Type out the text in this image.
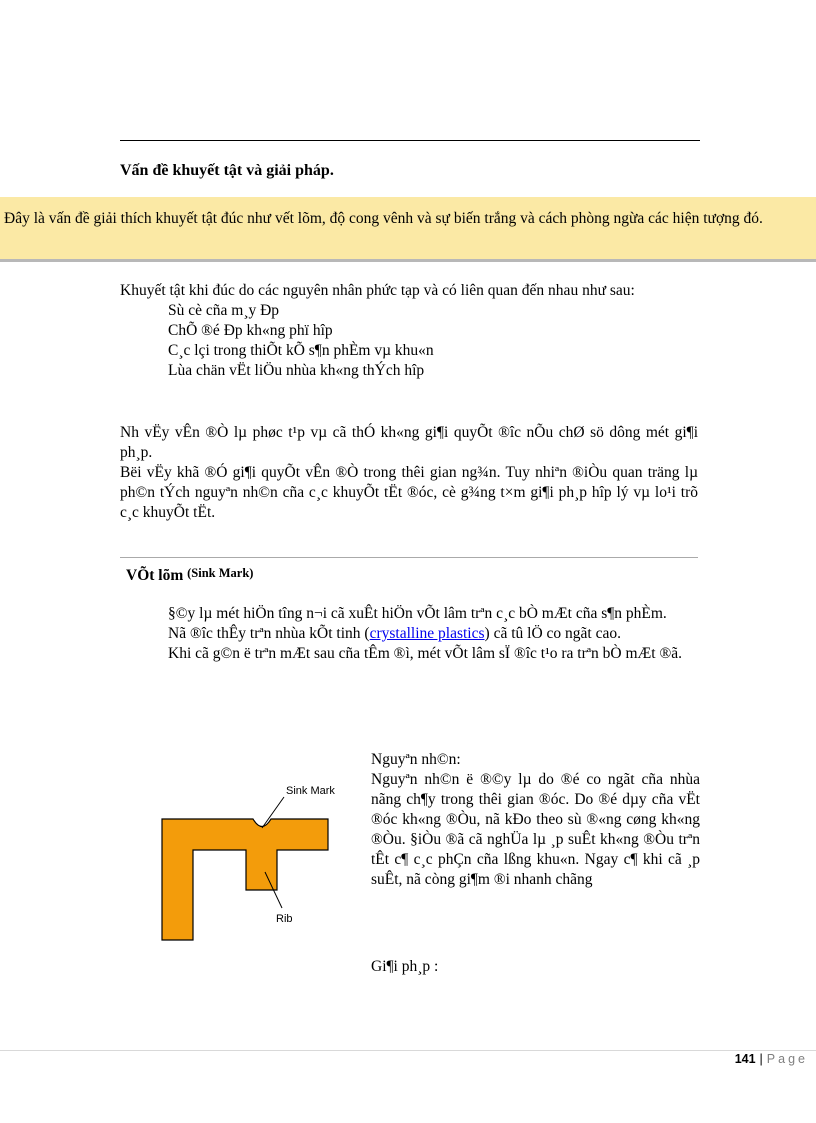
Vấn đề khuyết tật và giải pháp.

Đây là vấn đề giải thích khuyết tật đúc như vết lõm, độ cong vênh và sự biến trắng và cách phòng ngừa các hiện tượng đó.

Khuyết tật khi đúc do các nguyên nhân phức tạp và có liên quan đến nhau như sau:

Sù cè cña m¸y Ðp

ChÕ ®é Ðp kh«ng phï hîp

C¸c lçi trong thiÕt kÕ s¶n phÈm vµ khu«n

Lùa chän vËt liÖu nhùa kh«ng thÝch hîp

Nh vËy vÊn ®Ò lµ phøc t¹p vµ cã thÓ kh«ng gi¶i quyÕt ®îc nÕu chØ sö dông mét gi¶i ph¸p.

Bëi vËy khã ®Ó gi¶i quyÕt vÊn ®Ò trong thêi gian ng¾n. Tuy nhiªn ®iÒu quan träng lµ ph©n tÝch nguyªn nh©n cña c¸c khuyÕt tËt ®óc, cè g¾ng t×m gi¶i ph¸p hîp lý vµ lo¹i trõ c¸c khuyÕt tËt.

VÕt lõm (Sink Mark)

§©y lµ mét hiÖn tîng n¬i cã xuÊt hiÖn vÕt lâm trªn c¸c bÒ mÆt cña s¶n phÈm.

Nã ®îc thÊy trªn nhùa kÕt tinh (crystalline plastics) cã tû lÖ co ngãt cao.

Khi cã g©n ë trªn mÆt sau cña tÊm ®ì, mét vÕt lâm sÏ ®îc t¹o ra trªn bÒ mÆt ®ã.

Sink Mark
Rib

Nguyªn nh©n:

Nguyªn nh©n ë ®©y lµ do ®é co ngãt cña nhùa nãng ch¶y trong thêi gian ®óc. Do ®é dµy cña vËt ®óc kh«ng ®Òu, nã kÐo theo sù ®«ng cøng kh«ng ®Òu. §iÒu ®ã cã nghÜa lµ ¸p suÊt kh«ng ®Òu trªn tÊt c¶ c¸c phÇn cña lßng khu«n. Ngay c¶ khi cã ¸p suÊt, nã còng gi¶m ®i nhanh chãng

Gi¶i ph¸p :
141 | Page
